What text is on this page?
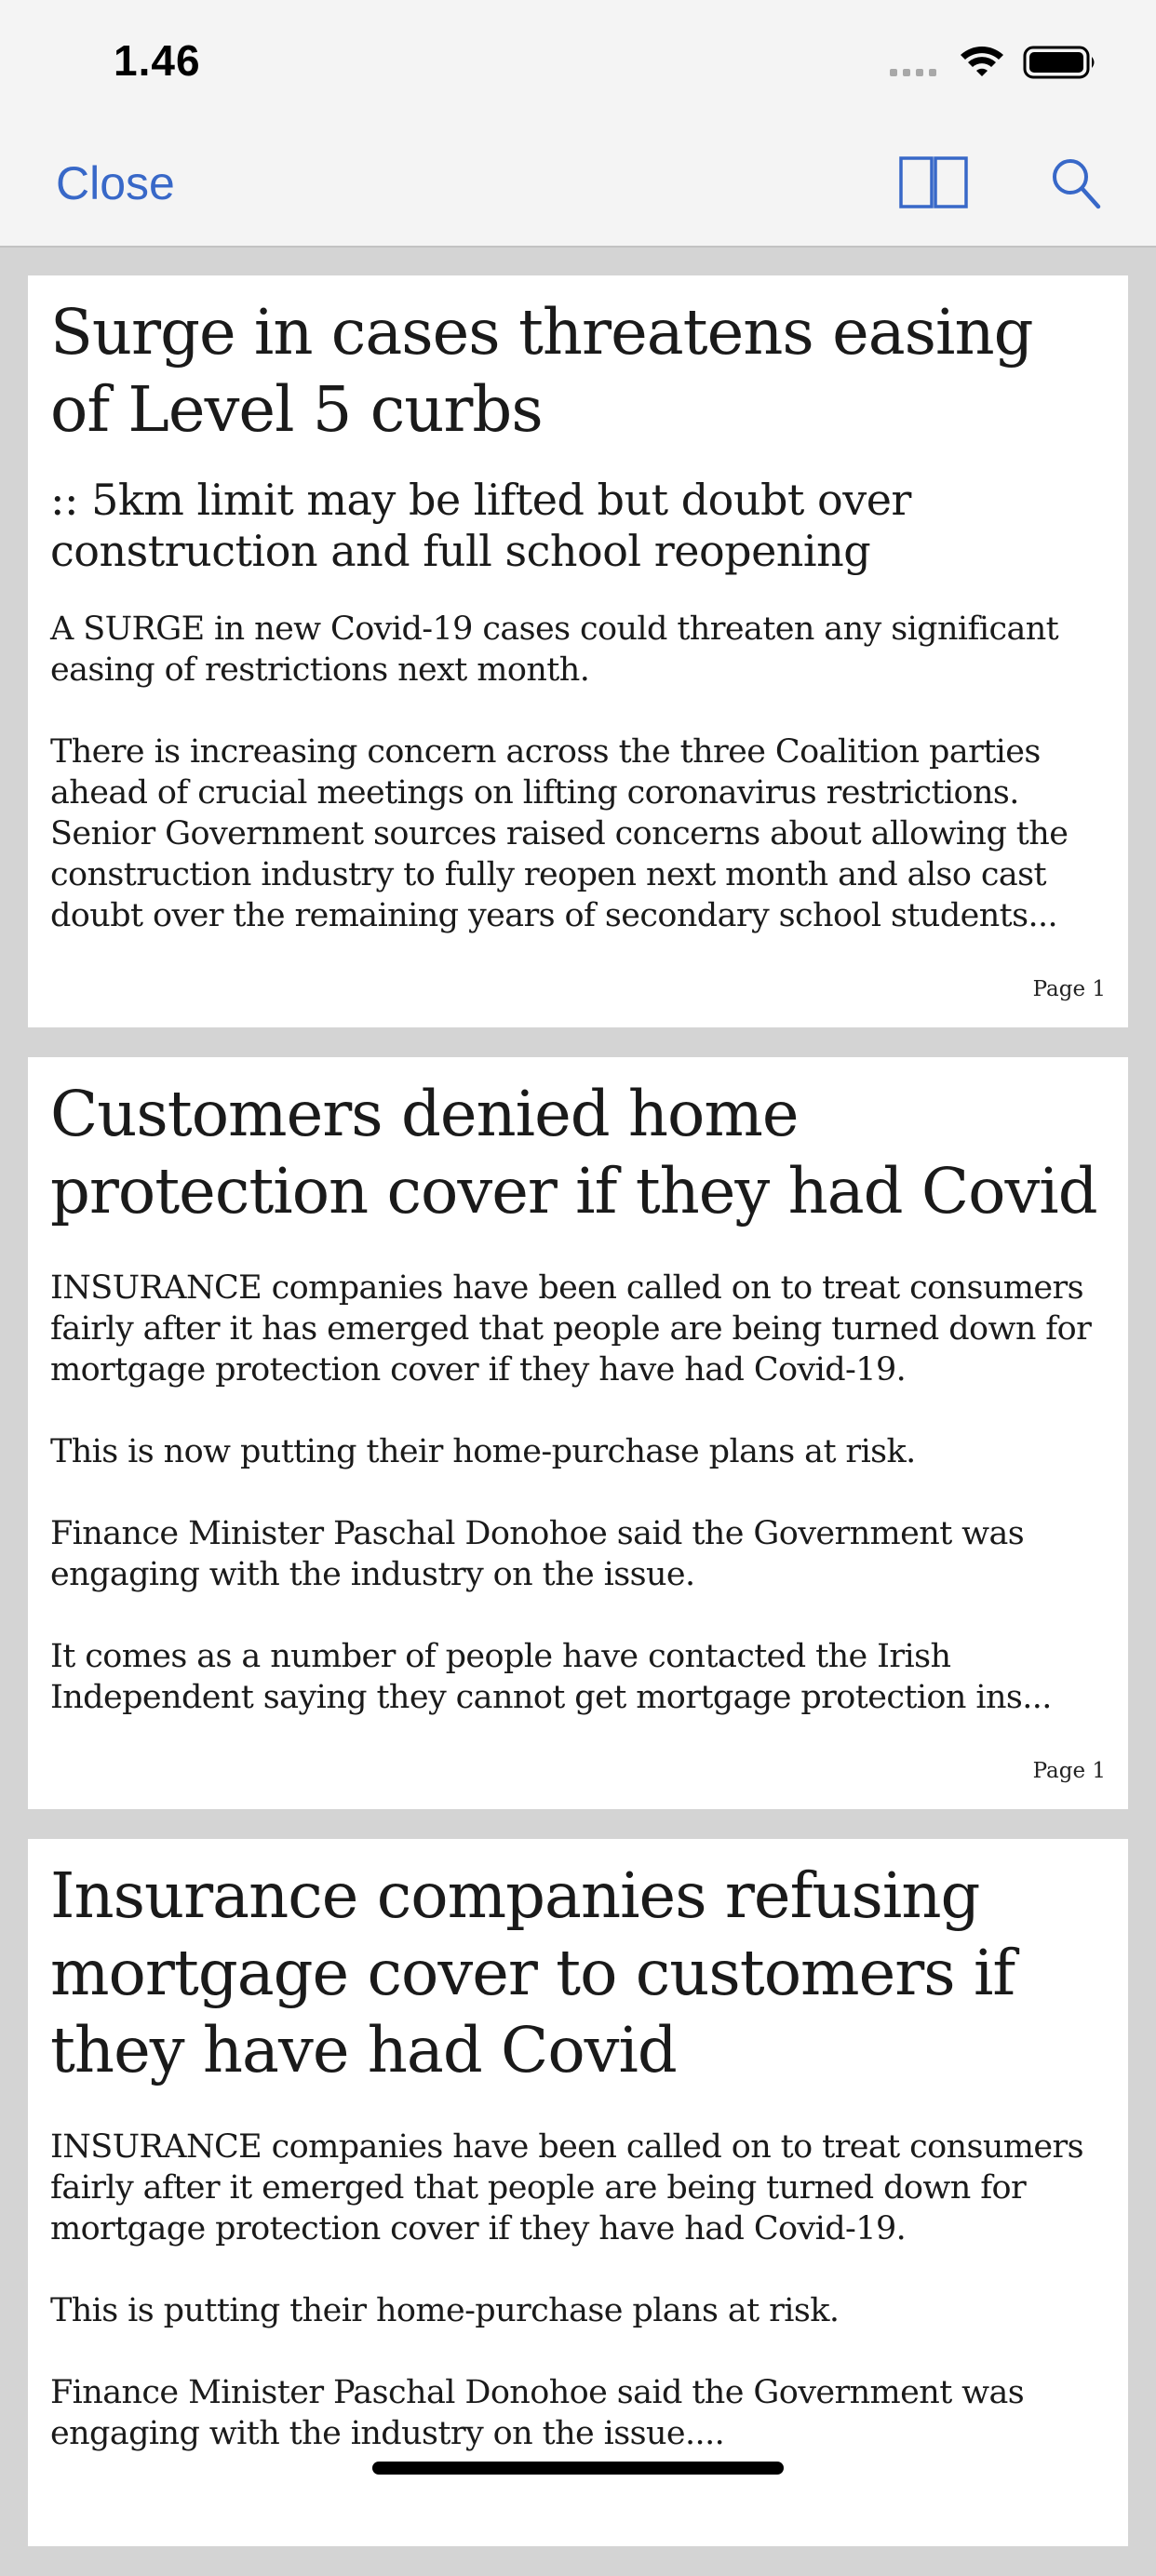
1.46
Close
Surge in cases threatens easing of Level 5 curbs

:: 5km limit may be lifted but doubt over construction and full school reopening

A SURGE in new Covid-19 cases could threaten any significant easing of restrictions next month.

There is increasing concern across the three Coalition parties ahead of crucial meetings on lifting coronavirus restrictions. Senior Government sources raised concerns about allowing the construction industry to fully reopen next month and also cast doubt over the remaining years of secondary school students...

Page 1
Customers denied home protection cover if they had Covid

INSURANCE companies have been called on to treat consumers fairly after it has emerged that people are being turned down for mortgage protection cover if they have had Covid-19.

This is now putting their home-purchase plans at risk.

Finance Minister Paschal Donohoe said the Government was engaging with the industry on the issue.

It comes as a number of people have contacted the Irish Independent saying they cannot get mortgage protection ins...

Page 1
Insurance companies refusing mortgage cover to customers if they have had Covid

INSURANCE companies have been called on to treat consumers fairly after it emerged that people are being turned down for mortgage protection cover if they have had Covid-19.

This is putting their home-purchase plans at risk.

Finance Minister Paschal Donohoe said the Government was engaging with the industry on the issue....
